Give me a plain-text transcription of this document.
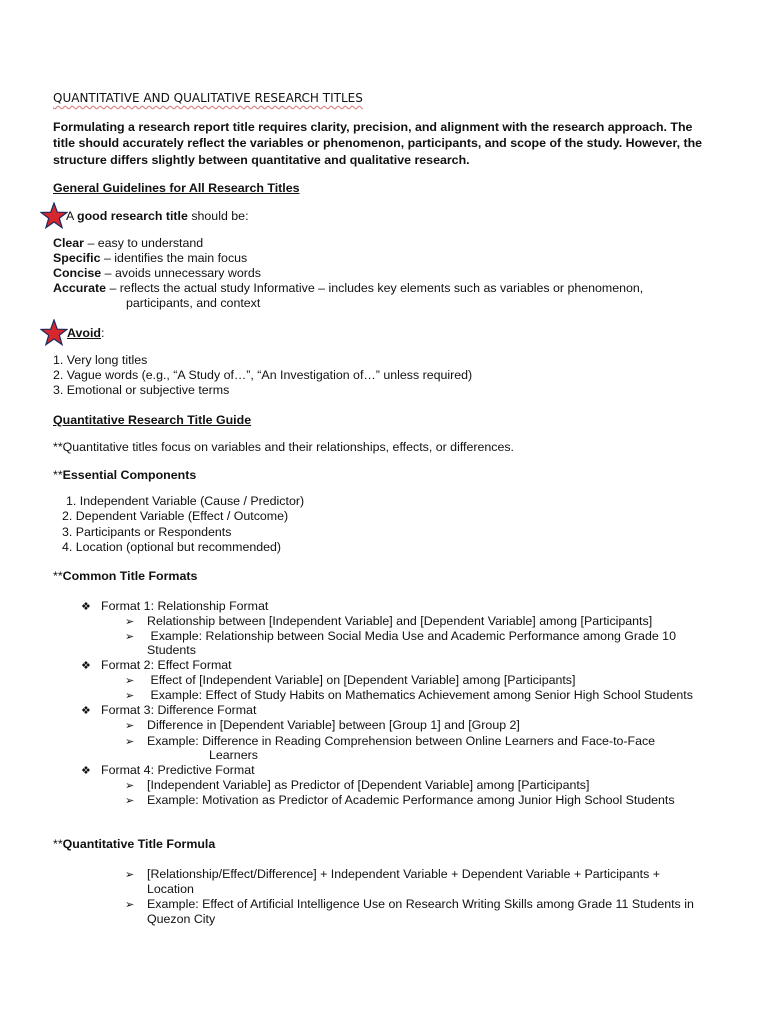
QUANTITATIVE AND QUALITATIVE RESEARCH TITLES
Formulating a research report title requires clarity, precision, and alignment with the research approach. The
title should accurately reflect the variables or phenomenon, participants, and scope of the study. However, the
structure differs slightly between quantitative and qualitative research.
General Guidelines for All Research Titles
A good research title should be:
Clear – easy to understand
Specific – identifies the main focus
Concise – avoids unnecessary words
Accurate – reflects the actual study Informative – includes key elements such as variables or phenomenon,
participants, and context
Avoid:
1. Very long titles
2. Vague words (e.g., “A Study of…”, “An Investigation of…” unless required)
3. Emotional or subjective terms
Quantitative Research Title Guide
**Quantitative titles focus on variables and their relationships, effects, or differences.
**Essential Components
1. Independent Variable (Cause / Predictor)
2. Dependent Variable (Effect / Outcome)
3. Participants or Respondents
4. Location (optional but recommended)
**Common Title Formats
❖ Format 1: Relationship Format
➢ Relationship between [Independent Variable] and [Dependent Variable] among [Participants]
➢ Example: Relationship between Social Media Use and Academic Performance among Grade 10
Students
❖ Format 2: Effect Format
➢ Effect of [Independent Variable] on [Dependent Variable] among [Participants]
➢ Example: Effect of Study Habits on Mathematics Achievement among Senior High School Students
❖ Format 3: Difference Format
➢ Difference in [Dependent Variable] between [Group 1] and [Group 2]
➢ Example: Difference in Reading Comprehension between Online Learners and Face-to-Face
Learners
❖ Format 4: Predictive Format
➢ [Independent Variable] as Predictor of [Dependent Variable] among [Participants]
➢ Example: Motivation as Predictor of Academic Performance among Junior High School Students
**Quantitative Title Formula
➢ [Relationship/Effect/Difference] + Independent Variable + Dependent Variable + Participants +
Location
➢ Example: Effect of Artificial Intelligence Use on Research Writing Skills among Grade 11 Students in
Quezon City
